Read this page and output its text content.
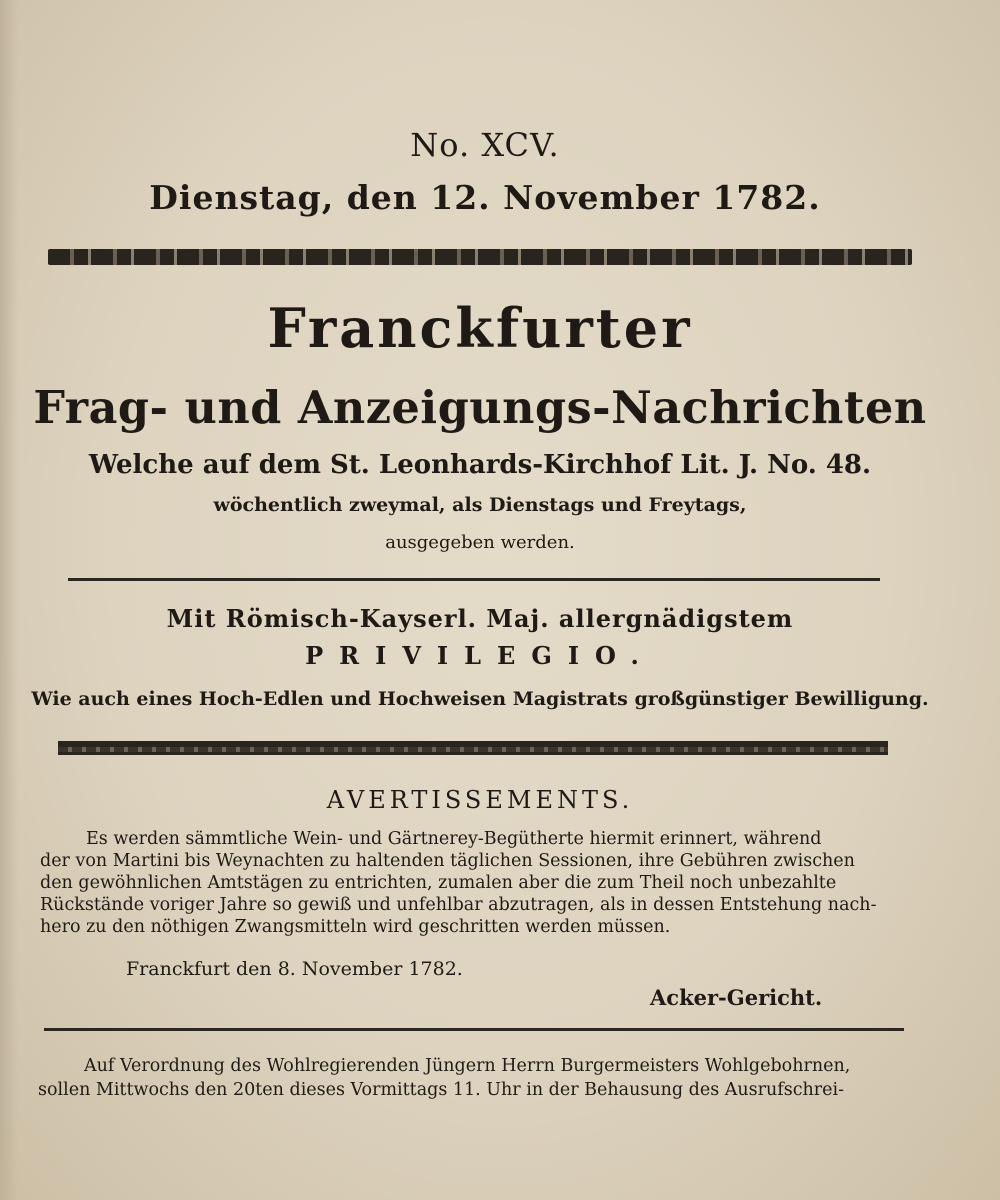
No. XCV.
Dienstag, den 12. November 1782.
Franckfurter
Frag- und Anzeigungs-Nachrichten
Welche auf dem St. Leonhards-Kirchhof Lit. J. No. 48.
wöchentlich zweymal, als Dienstags und Freytags,
ausgegeben werden.
Mit Römisch-Kayserl. Maj. allergnädigstem
PRIVILEGIO.
Wie auch eines Hoch-Edlen und Hochweisen Magistrats großgünstiger Bewilligung.
AVERTISSEMENTS.
Es werden sämmtliche Wein- und Gärtnerey-Begütherte hiermit erinnert, während
der von Martini bis Weynachten zu haltenden täglichen Sessionen, ihre Gebühren zwischen
den gewöhnlichen Amtstägen zu entrichten, zumalen aber die zum Theil noch unbezahlte
Rückstände voriger Jahre so gewiß und unfehlbar abzutragen, als in dessen Entstehung nach-
hero zu den nöthigen Zwangsmitteln wird geschritten werden müssen.
Franckfurt den 8. November 1782.
Acker-Gericht.
Auf Verordnung des Wohlregierenden Jüngern Herrn Burgermeisters Wohlgebohrnen,
sollen Mittwochs den 20ten dieses Vormittags 11. Uhr in der Behausung des Ausrufschrei-
